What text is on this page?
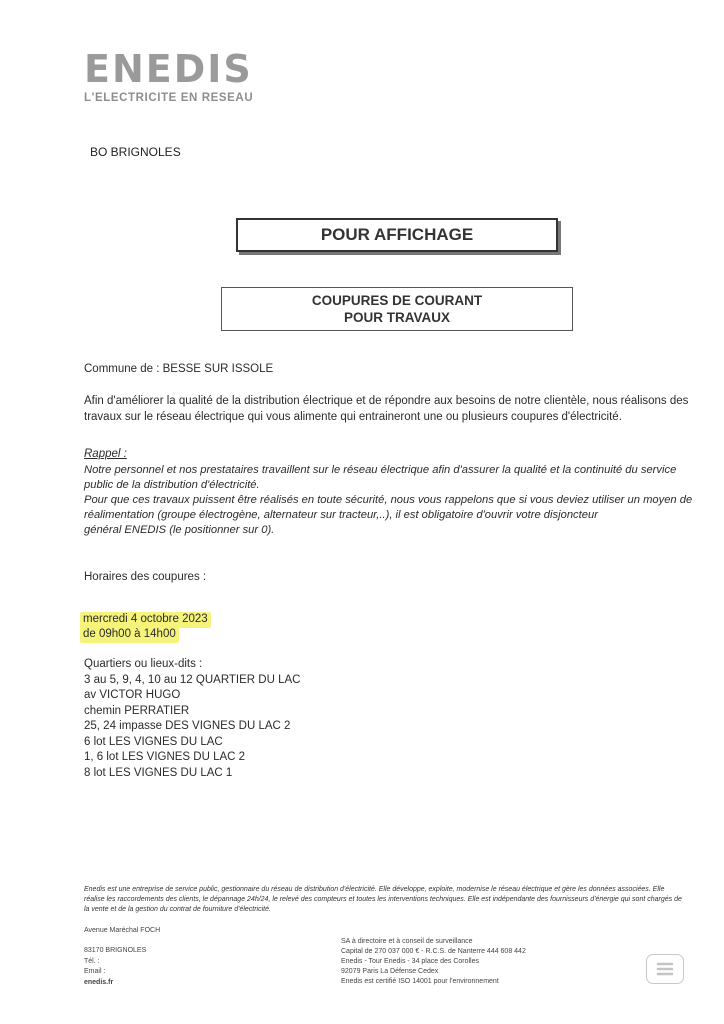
ENEDIS
L'ELECTRICITE EN RESEAU
BO BRIGNOLES
POUR AFFICHAGE
COUPURES DE COURANT
POUR TRAVAUX
Commune de : BESSE SUR ISSOLE
Afin d'améliorer la qualité de la distribution électrique et de répondre aux besoins de notre clientèle, nous réalisons des travaux sur le réseau électrique qui vous alimente qui entraineront une ou plusieurs coupures d'électricité.
Rappel :

Notre personnel et nos prestataires travaillent sur le réseau électrique afin d'assurer la qualité et la continuité du service public de la distribution d'électricité.

Pour que ces travaux puissent être réalisés en toute sécurité, nous vous rappelons que si vous deviez utiliser un moyen de réalimentation (groupe électrogène, alternateur sur tracteur,..), il est obligatoire d'ouvrir votre disjoncteur

général ENEDIS (le positionner sur 0).

Horaires des coupures :
mercredi 4 octobre 2023
de 09h00 à 14h00
Quartiers ou lieux-dits :
3 au 5, 9, 4, 10 au 12 QUARTIER DU LAC
av VICTOR HUGO
chemin PERRATIER
25, 24 impasse DES VIGNES DU LAC 2
6 lot LES VIGNES DU LAC
1, 6 lot LES VIGNES DU LAC 2
8 lot LES VIGNES DU LAC 1
Enedis est une entreprise de service public, gestionnaire du réseau de distribution d'électricité. Elle développe, exploite, modernise le réseau électrique et gère les données associées. Elle réalise les raccordements des clients, le dépannage 24h/24, le relevé des compteurs et toutes les interventions techniques. Elle est indépendante des fournisseurs d'énergie qui sont chargés de la vente et de la gestion du contrat de fourniture d'électricité.
Avenue Maréchal FOCH
83170 BRIGNOLES
Tél. :
Email :
enedis.fr
SA à directoire et à conseil de surveillance
Capital de 270 037 000 € - R.C.S. de Nanterre 444 608 442
Enedis - Tour Enedis - 34 place des Corolles
92079 Paris La Défense Cedex
Enedis est certifié ISO 14001 pour l'environnement
